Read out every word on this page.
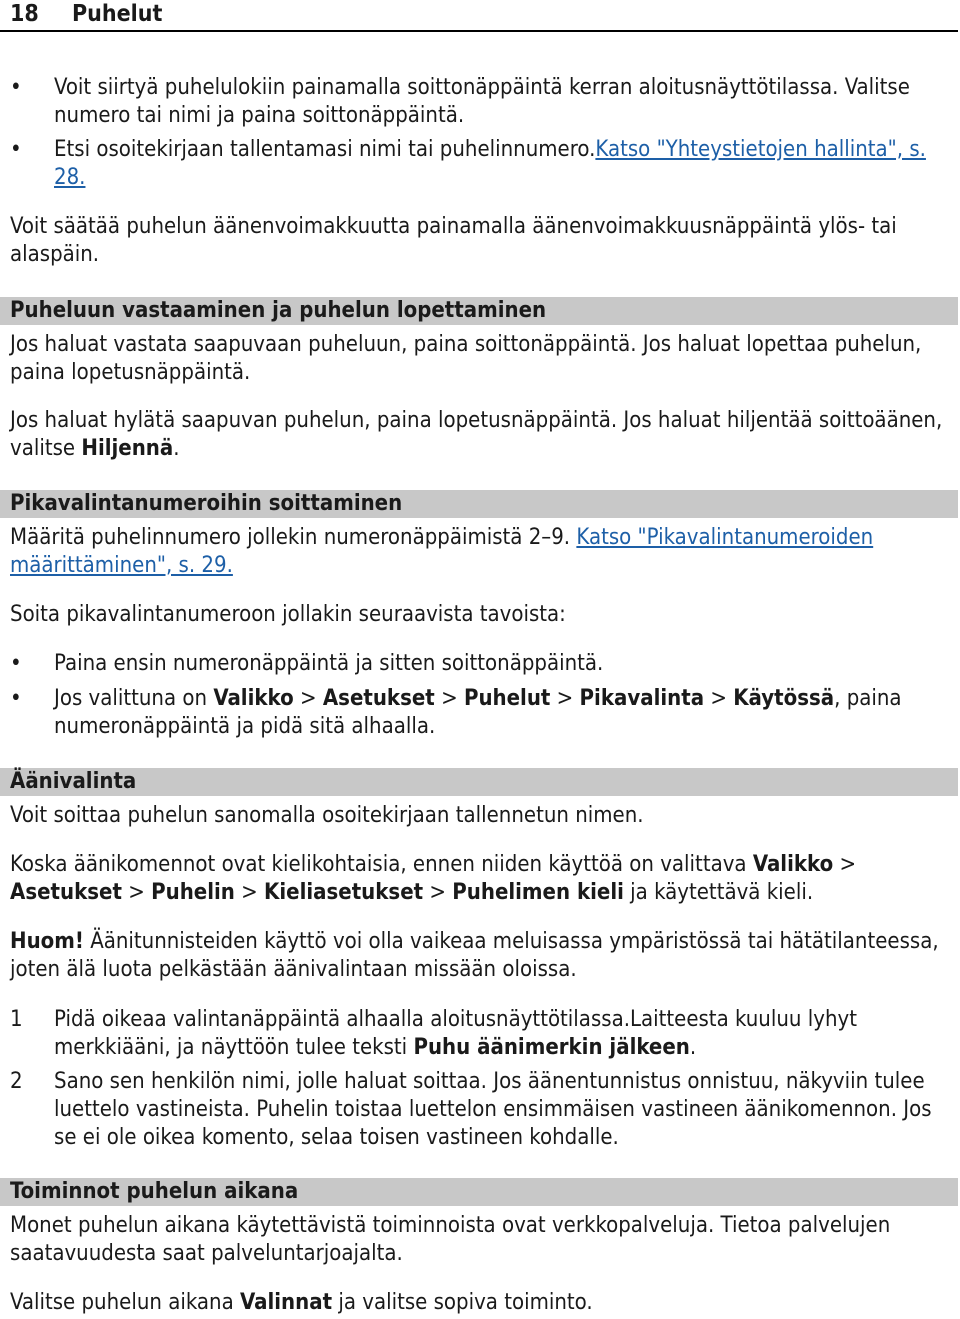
18 Puhelut
•	Voit siirtyä puhelulokiin painamalla soittonäppäintä kerran aloitusnäyttötilassa. Valitse numero tai nimi ja paina soittonäppäintä.
•	Etsi osoitekirjaan tallentamasi nimi tai puhelinnumero.Katso "Yhteystietojen hallinta", s. 28.
Voit säätää puhelun äänenvoimakkuutta painamalla äänenvoimakkuusnäppäintä ylös- tai alaspäin.
Puheluun vastaaminen ja puhelun lopettaminen
Jos haluat vastata saapuvaan puheluun, paina soittonäppäintä. Jos haluat lopettaa puhelun, paina lopetusnäppäintä.
Jos haluat hylätä saapuvan puhelun, paina lopetusnäppäintä. Jos haluat hiljentää soittoäänen, valitse Hiljennä.
Pikavalintanumeroihin soittaminen
Määritä puhelinnumero jollekin numeronäppäimistä 2–9. Katso "Pikavalintanumeroiden määrittäminen", s. 29.
Soita pikavalintanumeroon jollakin seuraavista tavoista:
•	Paina ensin numeronäppäintä ja sitten soittonäppäintä.
•	Jos valittuna on Valikko > Asetukset > Puhelut > Pikavalinta > Käytössä, paina numeronäppäintä ja pidä sitä alhaalla.
Äänivalinta
Voit soittaa puhelun sanomalla osoitekirjaan tallennetun nimen.
Koska äänikomennot ovat kielikohtaisia, ennen niiden käyttöä on valittava Valikko > Asetukset > Puhelin > Kieliasetukset > Puhelimen kieli ja käytettävä kieli.
Huom! Äänitunnisteiden käyttö voi olla vaikeaa meluisassa ympäristössä tai hätätilanteessa, joten älä luota pelkästään äänivalintaan missään oloissa.
1	Pidä oikeaa valintanäppäintä alhaalla aloitusnäyttötilassa.Laitteesta kuuluu lyhyt merkkiääni, ja näyttöön tulee teksti Puhu äänimerkin jälkeen.
2	Sano sen henkilön nimi, jolle haluat soittaa. Jos äänentunnistus onnistuu, näkyviin tulee luettelo vastineista. Puhelin toistaa luettelon ensimmäisen vastineen äänikomennon. Jos se ei ole oikea komento, selaa toisen vastineen kohdalle.
Toiminnot puhelun aikana
Monet puhelun aikana käytettävistä toiminnoista ovat verkkopalveluja. Tietoa palvelujen saatavuudesta saat palveluntarjoajalta.
Valitse puhelun aikana Valinnat ja valitse sopiva toiminto.
